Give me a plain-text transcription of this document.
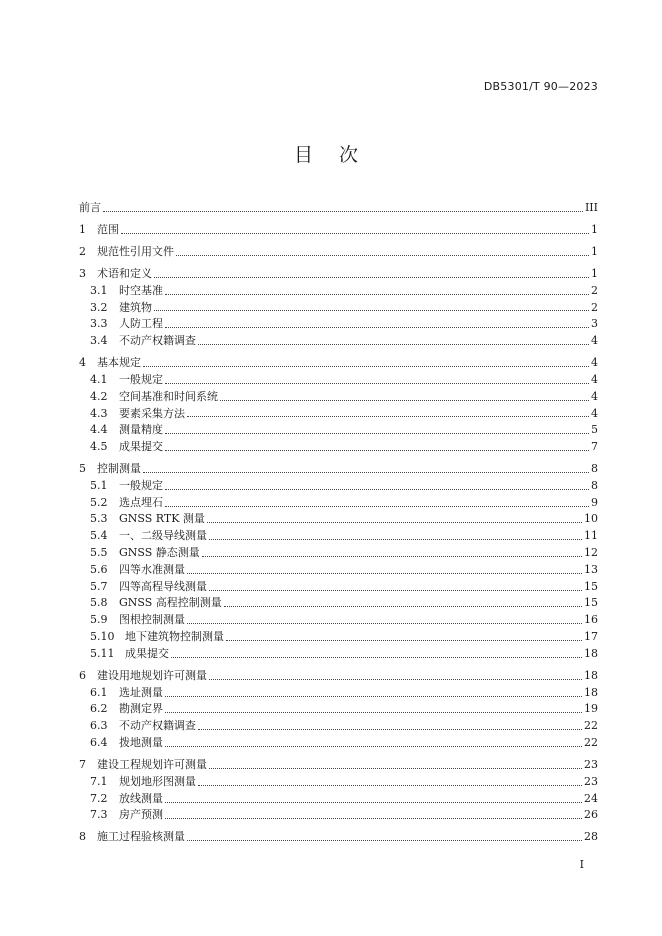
DB5301/T 90—2023
目 次
前言	III
1	范围	1
2	规范性引用文件	1
3	术语和定义	1
3.1	时空基准	2
3.2	建筑物	2
3.3	人防工程	3
3.4	不动产权籍调查	4
4	基本规定	4
4.1	一般规定	4
4.2	空间基准和时间系统	4
4.3	要素采集方法	4
4.4	测量精度	5
4.5	成果提交	7
5	控制测量	8
5.1	一般规定	8
5.2	选点埋石	9
5.3	GNSS RTK 测量	10
5.4	一、二级导线测量	11
5.5	GNSS 静态测量	12
5.6	四等水准测量	13
5.7	四等高程导线测量	15
5.8	GNSS 高程控制测量	15
5.9	图根控制测量	16
5.10 地下建筑物控制测量	17
5.11 成果提交	18
6	建设用地规划许可测量	18
6.1	选址测量	18
6.2	勘测定界	19
6.3	不动产权籍调查	22
6.4	拨地测量	22
7	建设工程规划许可测量	23
7.1	规划地形图测量	23
7.2	放线测量	24
7.3	房产预测	26
8	施工过程验核测量	28
I
